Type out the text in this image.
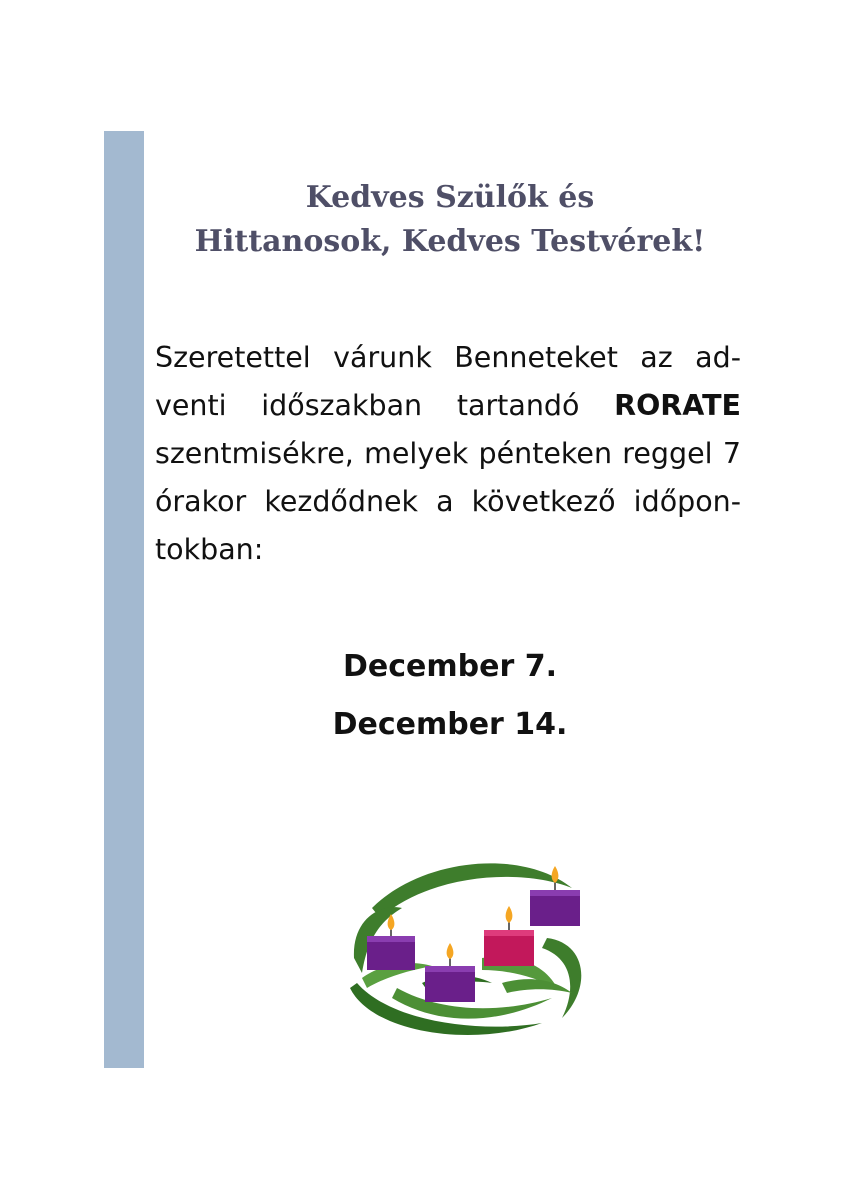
Kedves Szülők és
Hittanosok, Kedves Testvérek!

Szeretettel várunk Benneteket az ad-
venti időszakban tartandó RORATE
szentmisékre, melyek pénteken reggel 7
órakor kezdődnek a következő időpon-
tokban:

December 7.
December 14.
